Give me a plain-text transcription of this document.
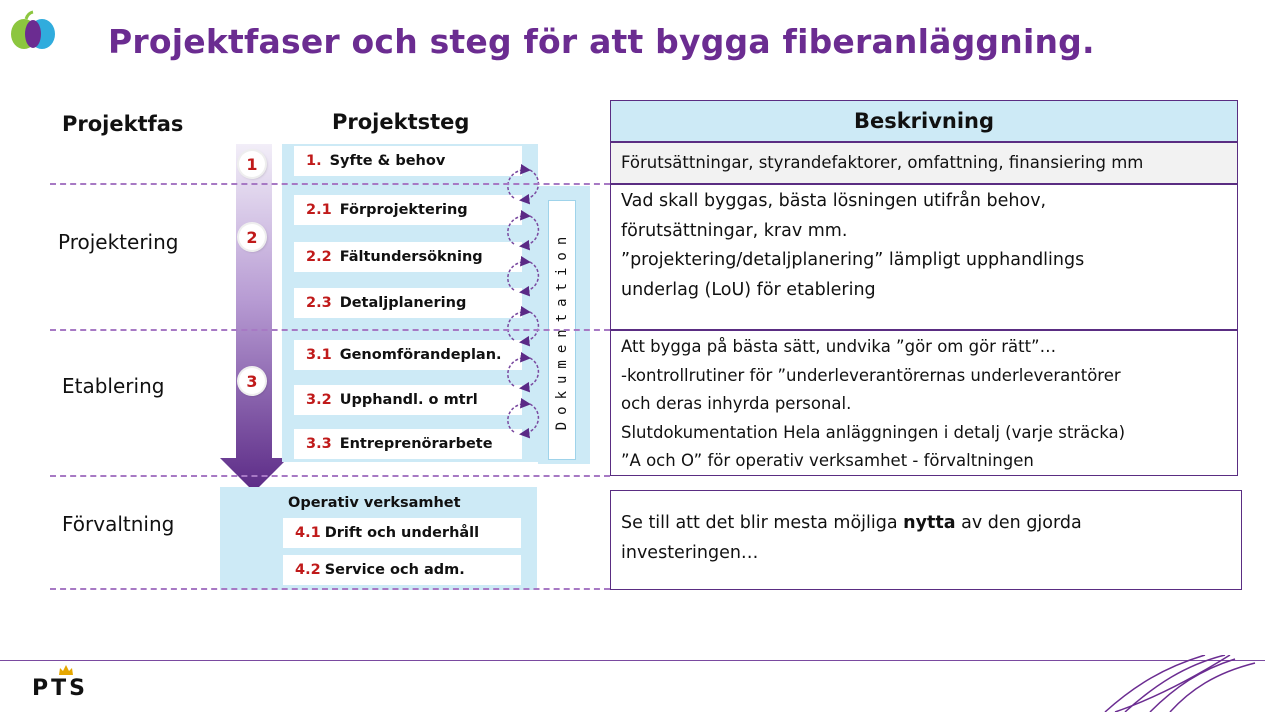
Projektfaser och steg för att bygga fiberanläggning.
Projektfas	Projektsteg	Beskrivning
Projektering
Etablering
Förvaltning
1
2
3
1. Syfte & behov
2.1 Förprojektering
2.2 Fältundersökning
2.3 Detaljplanering
3.1 Genomförandeplan.
3.2 Upphandl. o mtrl
3.3 Entreprenörarbete
Dokumentation
Operativ verksamhet
4.1 Drift och underhåll
4.2 Service och adm.
Förutsättningar, styrandefaktorer, omfattning, finansiering mm
Vad skall byggas, bästa lösningen utifrån behov,
förutsättningar, krav mm.
”projektering/detaljplanering” lämpligt upphandlings
underlag (LoU) för etablering
Att bygga på bästa sätt, undvika ”gör om gör rätt”…
-kontrollrutiner för ”underleverantörernas underleverantörer
och deras inhyrda personal.
Slutdokumentation Hela anläggningen i detalj (varje sträcka)
”A och O” för operativ verksamhet - förvaltningen
Se till att det blir mesta möjliga nytta av den gjorda
investeringen…
PTS
